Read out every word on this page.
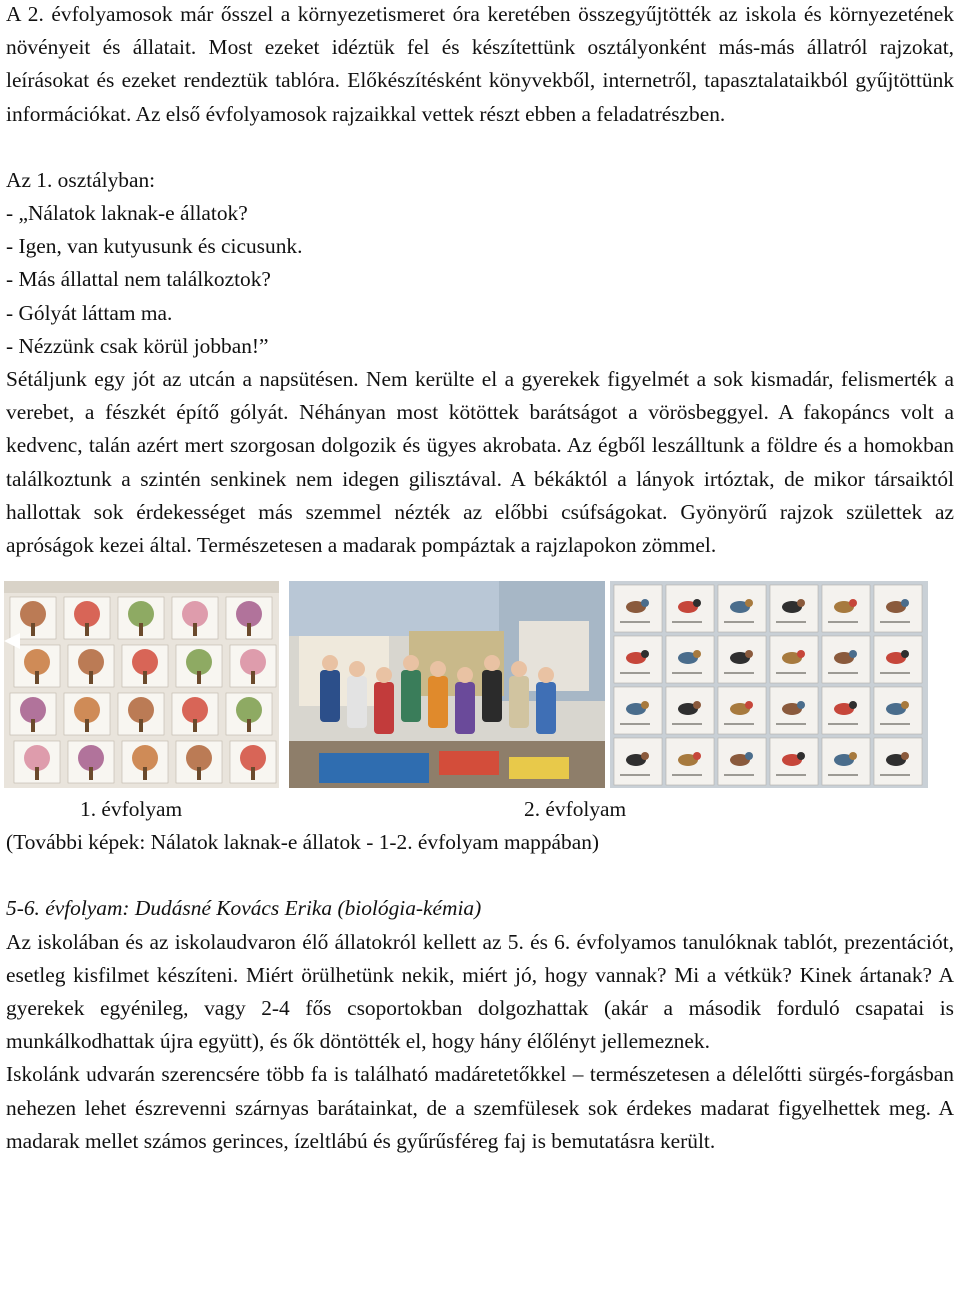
A 2. évfolyamosok már ősszel a környezetismeret óra keretében összegyűjtötték az iskola és környezetének növényeit és állatait. Most ezeket idéztük fel és készítettünk osztályonként más-más állatról rajzokat, leírásokat és ezeket rendeztük tablóra. Előkészítésként könyvekből, internetről, tapasztalataikból gyűjtöttünk információkat. Az első évfolyamosok rajzaikkal vettek részt ebben a feladatrészben.

Az 1. osztályban:
- „Nálatok laknak-e állatok?
- Igen, van kutyusunk és cicusunk.
- Más állattal nem találkoztok?
- Gólyát láttam ma.
- Nézzünk csak körül jobban!”

Sétáljunk egy jót az utcán a napsütésen. Nem kerülte el a gyerekek figyelmét a sok kismadár, felismerték a verebet, a fészkét építő gólyát. Néhányan most kötöttek barátságot a vörösbeggyel. A fakopáncs volt a kedvenc, talán azért mert szorgosan dolgozik és ügyes akrobata. Az égből leszálltunk a földre és a homokban találkoztunk a szintén senkinek nem idegen gilisztával. A békáktól a lányok irtóztak, de mikor társaiktól hallottak sok érdekességet más szemmel nézték az előbbi csúfságokat. Gyönyörű rajzok születtek az apróságok kezei által. Természetesen a madarak pompáztak a rajzlapokon zömmel.

1. évfolyam	2. évfolyam
(További képek: Nálatok laknak-e állatok - 1-2. évfolyam mappában)
5-6. évfolyam: Dudásné Kovács Erika (biológia-kémia)

Az iskolában és az iskolaudvaron élő állatokról kellett az 5. és 6. évfolyamos tanulóknak tablót, prezentációt, esetleg kisfilmet készíteni. Miért örülhetünk nekik, miért jó, hogy vannak? Mi a vétkük? Kinek ártanak? A gyerekek egyénileg, vagy 2-4 fős csoportokban dolgozhattak (akár a második forduló csapatai is munkálkodhattak újra együtt), és ők döntötték el, hogy hány élőlényt jellemeznek.

Iskolánk udvarán szerencsére több fa is található madáretetőkkel – természetesen a délelőtti sürgés-forgásban nehezen lehet észrevenni szárnyas barátainkat, de a szemfülesek sok érdekes madarat figyelhettek meg. A madarak mellet számos gerinces, ízeltlábú és gyűrűsféreg faj is bemutatásra került.
